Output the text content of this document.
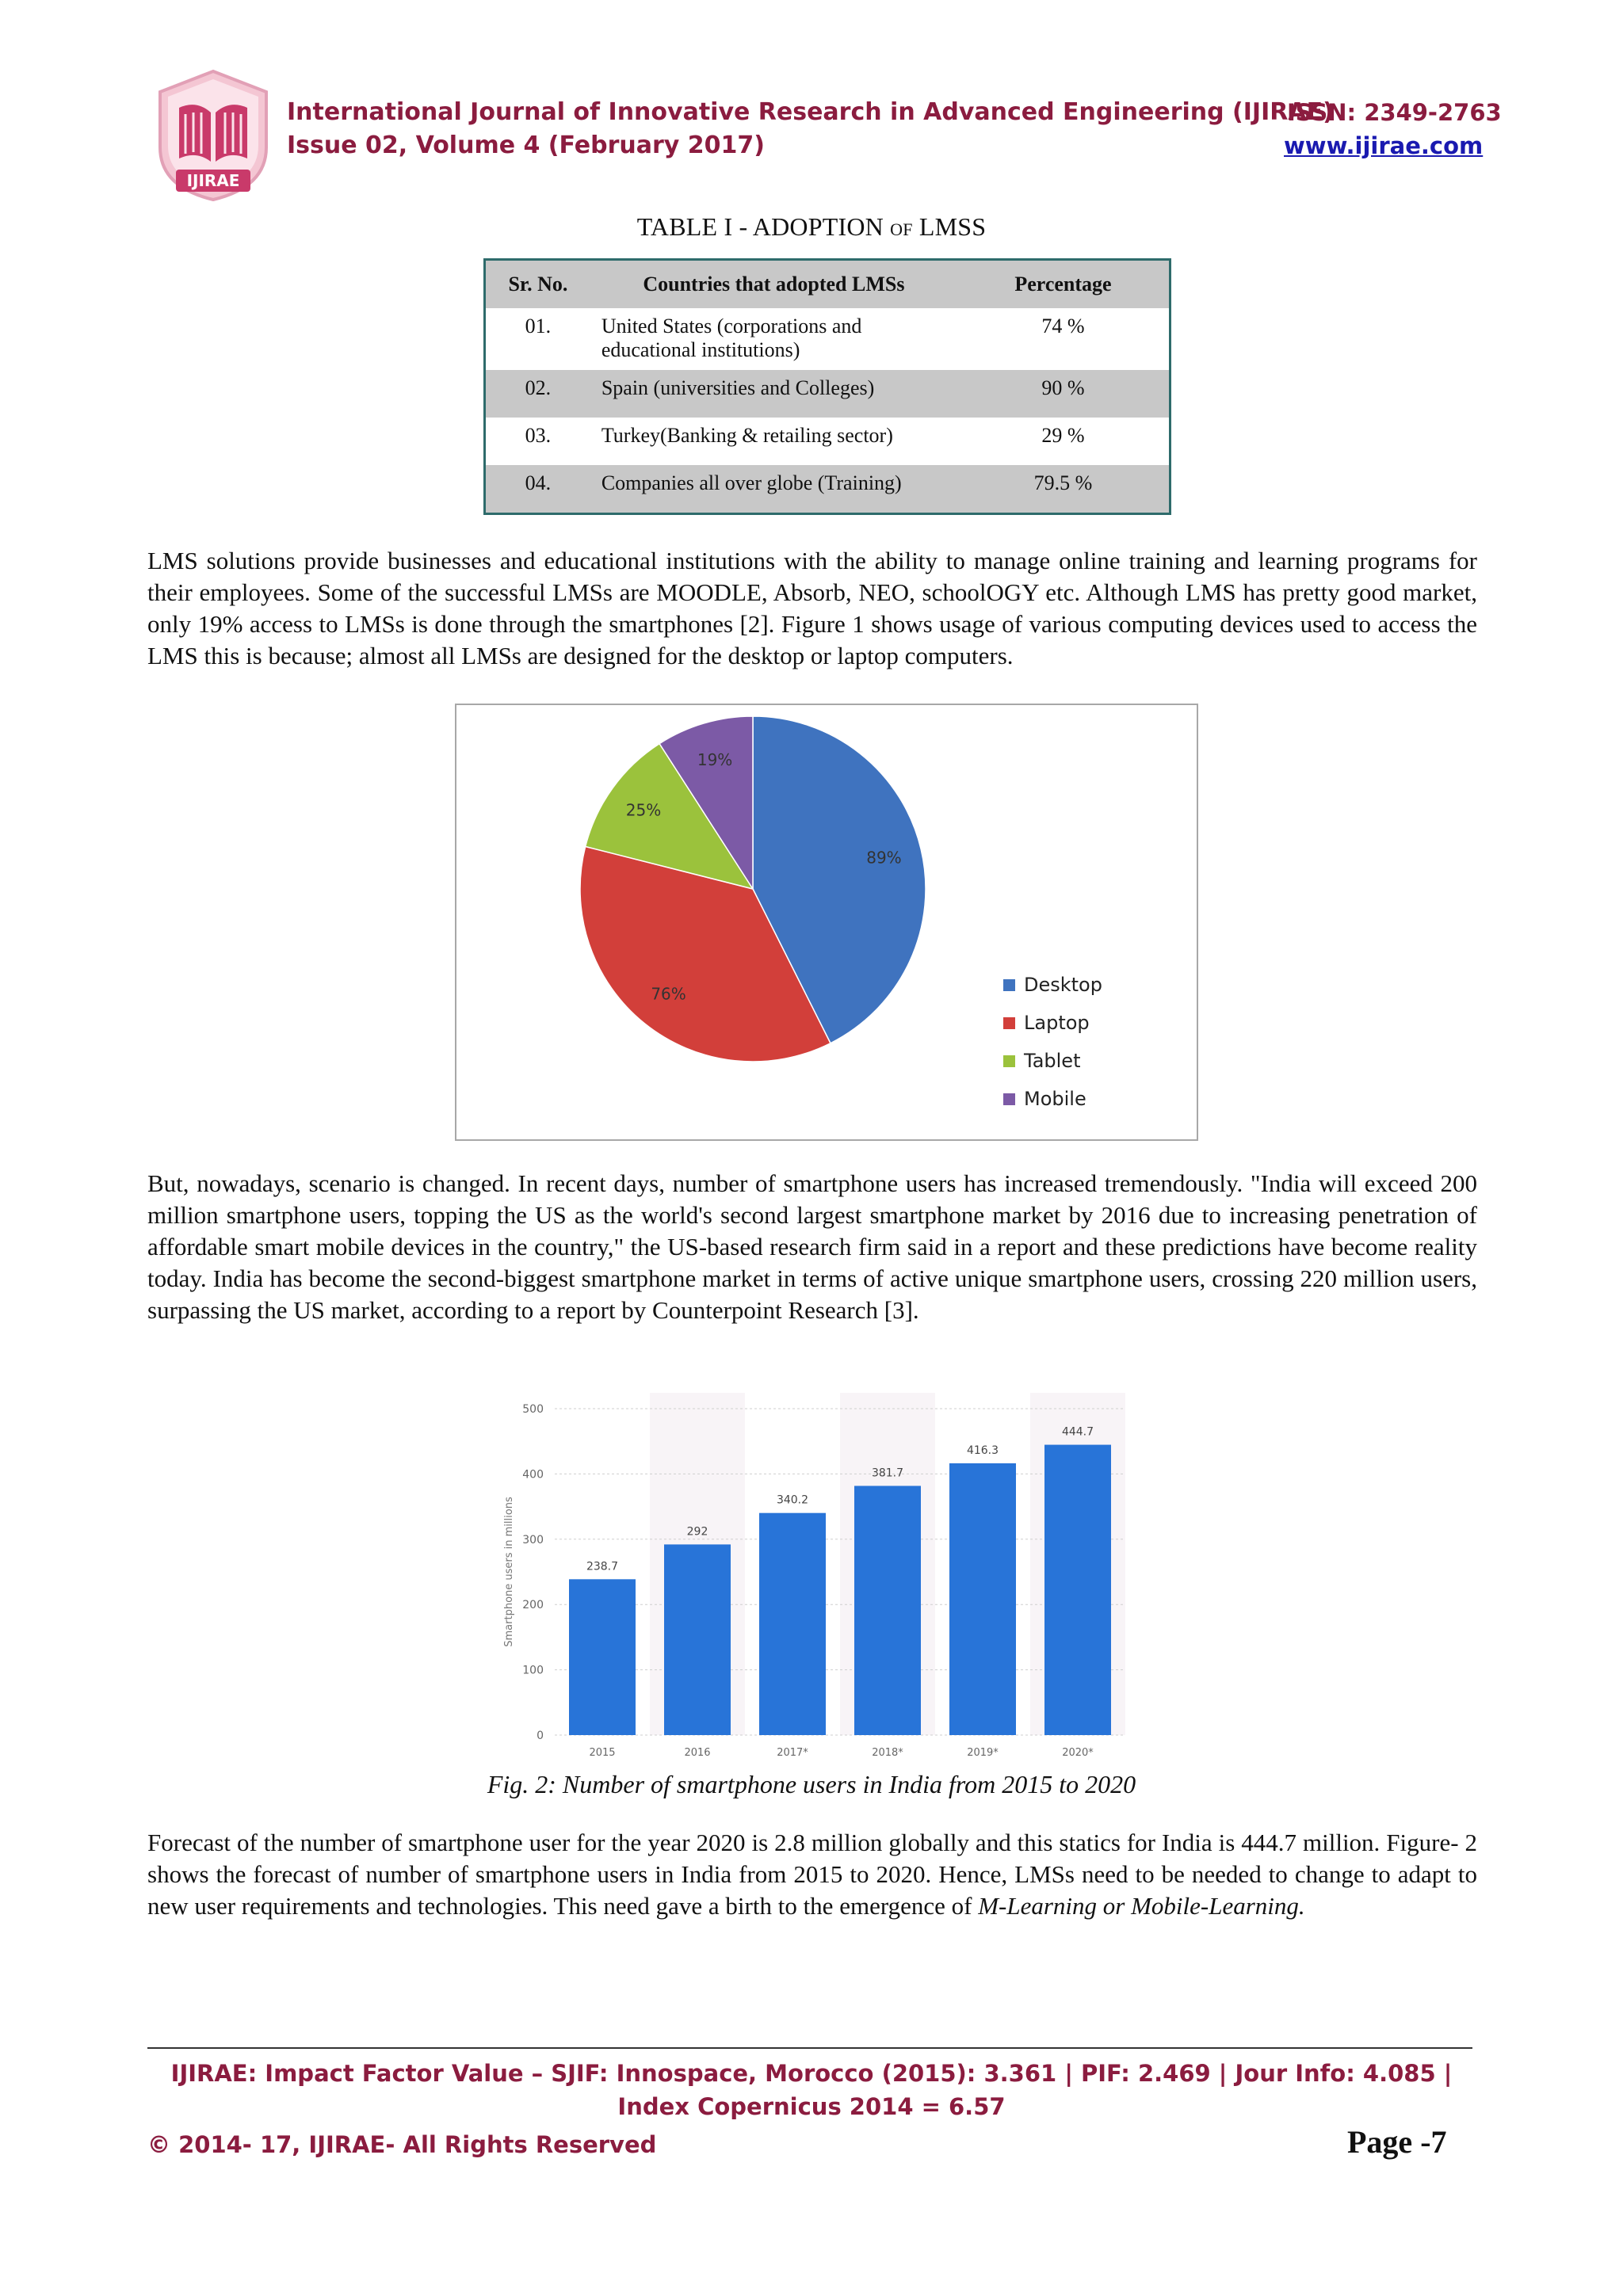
IJIRAE
International Journal of Innovative Research in Advanced Engineering (IJIRAE)
ISSN: 2349-2763
Issue 02, Volume 4 (February 2017)	www.ijirae.com
TABLE I - ADOPTION OF LMSS
Sr. No.	Countries that adopted LMSs	Percentage
01.	United States (corporations and educational institutions)	74 %
02.	Spain (universities and Colleges)	90 %
03.	Turkey(Banking & retailing sector)	29 %
04.	Companies all over globe (Training)	79.5 %
LMS solutions provide businesses and educational institutions with the ability to manage online training and learning programs for their employees. Some of the successful LMSs are MOODLE, Absorb, NEO, schoolOGY etc. Although LMS has pretty good market, only 19% access to LMSs is done through the smartphones [2]. Figure 1 shows usage of various computing devices used to access the LMS this is because; almost all LMSs are designed for the desktop or laptop computers.
89%
76%
25%
19%
Desktop
Laptop
Tablet
Mobile
But, nowadays, scenario is changed. In recent days, number of smartphone users has increased tremendously. "India will exceed 200 million smartphone users, topping the US as the world's second largest smartphone market by 2016 due to increasing penetration of affordable smart mobile devices in the country," the US-based research firm said in a report and these predictions have become reality today. India has become the second-biggest smartphone market in terms of active unique smartphone users, crossing 220 million users, surpassing the US market, according to a report by Counterpoint Research [3].
0
100
200
300
400
500
Smartphone users in millions	238.7
2015
292
2016
340.2
2017*
381.7
2018*
416.3
2019*
444.7
2020*
Fig. 2: Number of smartphone users in India from 2015 to 2020
Forecast of the number of smartphone user for the year 2020 is 2.8 million globally and this statics for India is 444.7 million. Figure- 2 shows the forecast of number of smartphone users in India from 2015 to 2020. Hence, LMSs need to be needed to change to adapt to new user requirements and technologies. This need gave a birth to the emergence of M-Learning or Mobile-Learning.
IJIRAE: Impact Factor Value – SJIF: Innospace, Morocco (2015): 3.361 | PIF: 2.469 | Jour Info: 4.085 |
Index Copernicus 2014 = 6.57
© 2014- 17, IJIRAE- All Rights Reserved	Page -7
